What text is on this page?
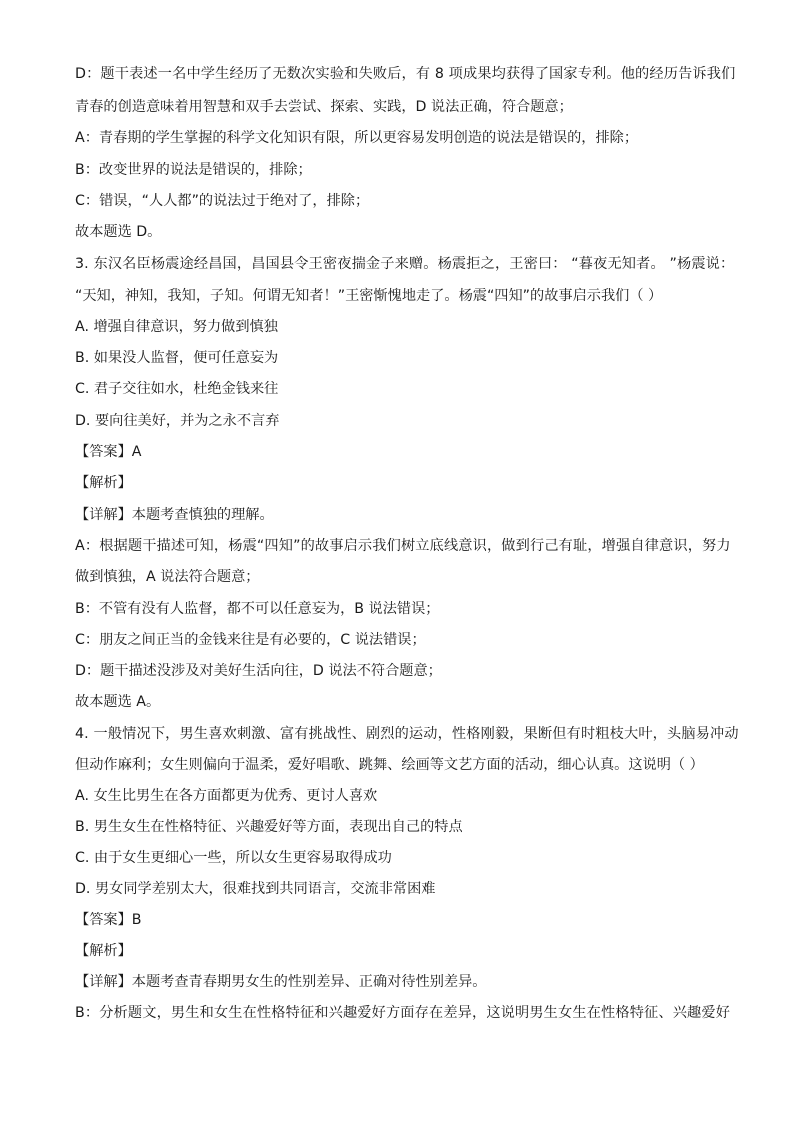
D：题干表述一名中学生经历了无数次实验和失败后，有 8 项成果均获得了国家专利。他的经历告诉我们
青春的创造意味着用智慧和双手去尝试、探索、实践，D 说法正确，符合题意；
A：青春期的学生掌握的科学文化知识有限，所以更容易发明创造的说法是错误的，排除；
B：改变世界的说法是错误的，排除；
C：错误，“人人都”的说法过于绝对了，排除；
故本题选 D。
3. 东汉名臣杨震途经昌国，昌国县令王密夜揣金子来赠。杨震拒之，王密曰： “暮夜无知者。 ”杨震说：
“天知，神知，我知，子知。何谓无知者！”王密惭愧地走了。杨震“四知”的故事启示我们（ ）
A. 增强自律意识，努力做到慎独
B. 如果没人监督，便可任意妄为
C. 君子交往如水，杜绝金钱来往
D. 要向往美好，并为之永不言弃
【答案】A
【解析】
【详解】本题考查慎独的理解。
A：根据题干描述可知，杨震“四知”的故事启示我们树立底线意识，做到行己有耻，增强自律意识，努力
做到慎独，A 说法符合题意；
B：不管有没有人监督，都不可以任意妄为，B 说法错误；
C：朋友之间正当的金钱来往是有必要的，C 说法错误；
D：题干描述没涉及对美好生活向往，D 说法不符合题意；
故本题选 A。
4. 一般情况下，男生喜欢刺激、富有挑战性、剧烈的运动，性格刚毅，果断但有时粗枝大叶，头脑易冲动
但动作麻利；女生则偏向于温柔，爱好唱歌、跳舞、绘画等文艺方面的活动，细心认真。这说明（ ）
A. 女生比男生在各方面都更为优秀、更讨人喜欢
B. 男生女生在性格特征、兴趣爱好等方面，表现出自己的特点
C. 由于女生更细心一些，所以女生更容易取得成功
D. 男女同学差别太大，很难找到共同语言，交流非常困难
【答案】B
【解析】
【详解】本题考查青春期男女生的性别差异、正确对待性别差异。
B：分析题文，男生和女生在性格特征和兴趣爱好方面存在差异，这说明男生女生在性格特征、兴趣爱好
